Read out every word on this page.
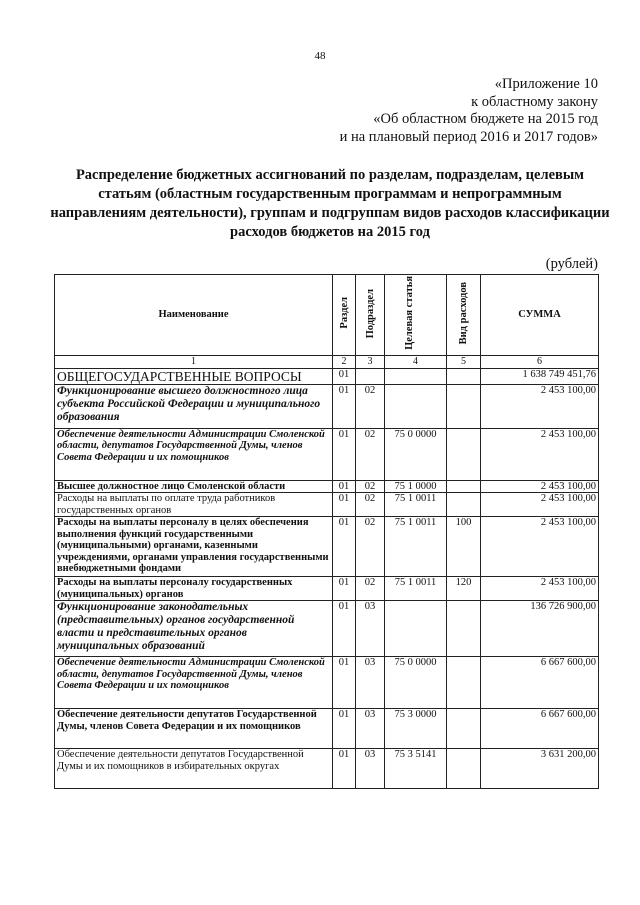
48
«Приложение 10
к областному закону
«Об областном бюджете на 2015 год
и на плановый период 2016 и 2017 годов»
Распределение бюджетных ассигнований по разделам, подразделам, целевым статьям (областным государственным программам и непрограммным направлениям деятельности), группам и подгруппам видов расходов классификации расходов бюджетов на 2015 год
(рублей)
Наименование	Раздел	Подраздел	Целевая статья	Вид расходов	СУММА
1	2	3	4	5	6
ОБЩЕГОСУДАРСТВЕННЫЕ ВОПРОСЫ	01				1 638 749 451,76
Функционирование высшего должностного лица субъекта Российской Федерации и муниципального образования	01	02			2 453 100,00
Обеспечение деятельности Администрации Смоленской области, депутатов Государственной Думы, членов Совета Федерации и их помощников	01	02	75 0 0000		2 453 100,00
Высшее должностное лицо Смоленской области	01	02	75 1 0000		2 453 100,00
Расходы на выплаты по оплате труда работников государственных органов	01	02	75 1 0011		2 453 100,00
Расходы на выплаты персоналу в целях обеспечения выполнения функций государственными (муниципальными) органами, казенными учреждениями, органами управления государственными внебюджетными фондами	01	02	75 1 0011	100	2 453 100,00
Расходы на выплаты персоналу государственных (муниципальных) органов	01	02	75 1 0011	120	2 453 100,00
Функционирование законодательных (представительных) органов государственной власти и представительных органов муниципальных образований	01	03			136 726 900,00
Обеспечение деятельности Администрации Смоленской области, депутатов Государственной Думы, членов Совета Федерации и их помощников	01	03	75 0 0000		6 667 600,00
Обеспечение деятельности депутатов Государственной Думы, членов Совета Федерации и их помощников	01	03	75 3 0000		6 667 600,00
Обеспечение деятельности депутатов Государственной Думы и их помощников в избирательных округах	01	03	75 3 5141		3 631 200,00
